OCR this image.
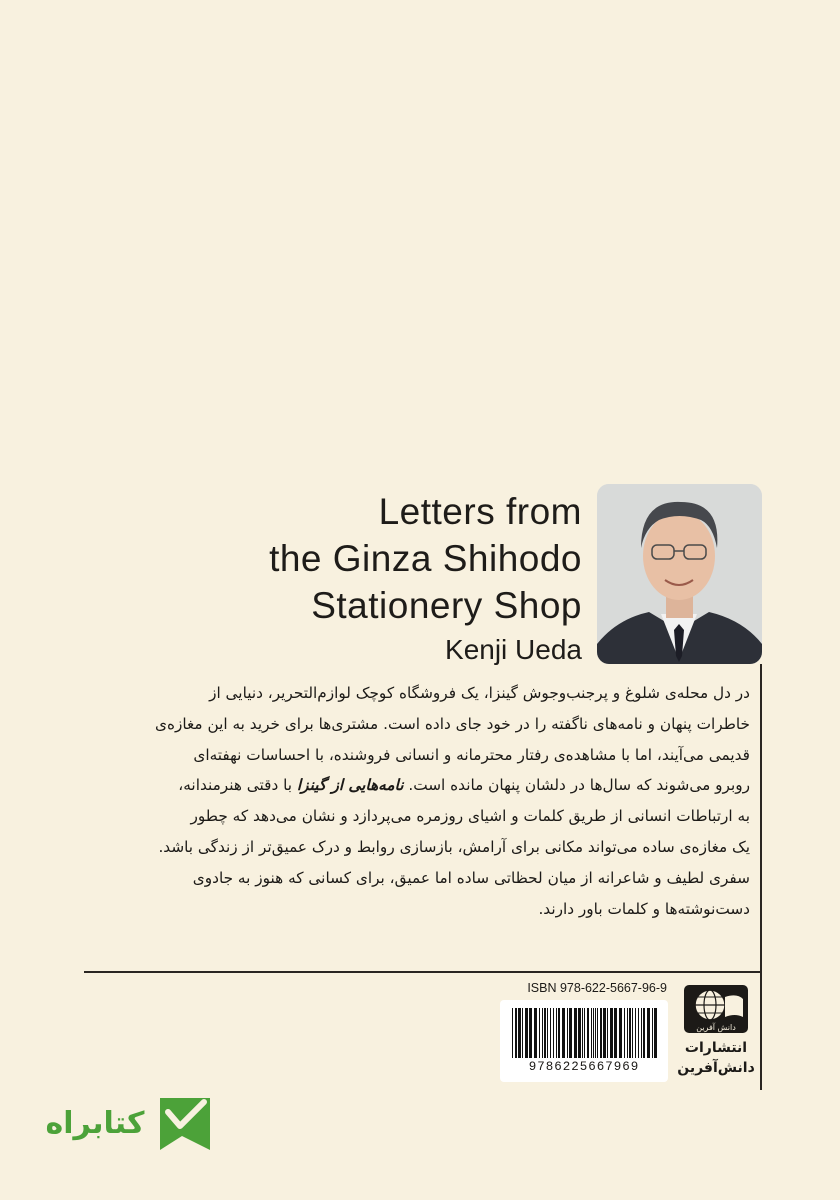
Letters from
the Ginza Shihodo
Stationery Shop
Kenji Ueda
در دل محله‌ی شلوغ و پرجنب‌وجوش گینزا، یک فروشگاه کوچک لوازم‌التحریر، دنیایی از
خاطرات پنهان و نامه‌های ناگفته را در خود جای داده است. مشتری‌ها برای خرید به این مغازه‌ی
قدیمی می‌آیند، اما با مشاهده‌ی رفتار محترمانه و انسانی فروشنده، با احساسات نهفته‌ای
روبرو می‌شوند که سال‌ها در دلشان پنهان مانده است. نامه‌هایی از گینزا با دقتی هنرمندانه،
به ارتباطات انسانی از طریق کلمات و اشیای روزمره می‌پردازد و نشان می‌دهد که چطور
یک مغازه‌ی ساده می‌تواند مکانی برای آرامش، بازسازی روابط و درک عمیق‌تر از زندگی باشد.
سفری لطیف و شاعرانه از میان لحظاتی ساده اما عمیق، برای کسانی که هنوز به جادوی
دست‌نوشته‌ها و کلمات باور دارند.
ISBN 978-622-5667-96-9
9786225667969
دانش آفرین
انتشارات
دانش‌آفرین
کتابراه
